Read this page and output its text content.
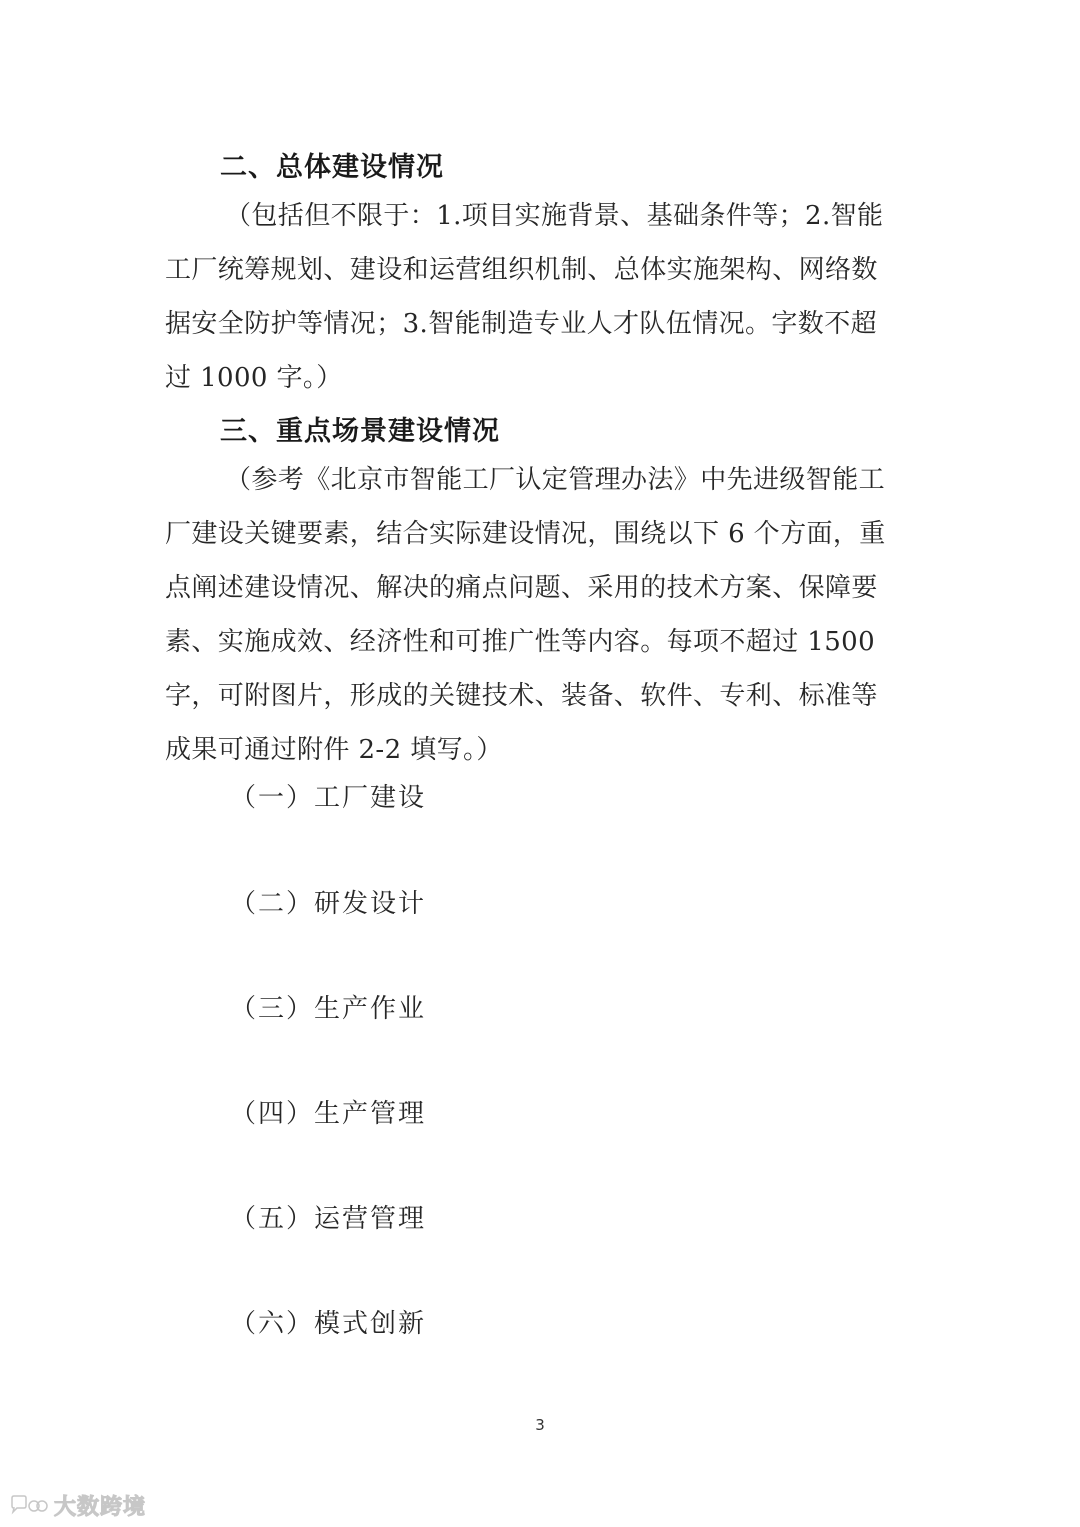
二、总体建设情况
（包括但不限于：1.项目实施背景、基础条件等；2.智能
工厂统筹规划、建设和运营组织机制、总体实施架构、网络数
据安全防护等情况；3.智能制造专业人才队伍情况。字数不超
过 1000 字。）
三、重点场景建设情况
（参考《北京市智能工厂认定管理办法》中先进级智能工
厂建设关键要素，结合实际建设情况，围绕以下 6 个方面，重
点阐述建设情况、解决的痛点问题、采用的技术方案、保障要
素、实施成效、经济性和可推广性等内容。每项不超过 1500
字，可附图片，形成的关键技术、装备、软件、专利、标准等
成果可通过附件 2-2 填写。）
（一）工厂建设
（二）研发设计
（三）生产作业
（四）生产管理
（五）运营管理
（六）模式创新
3
大数跨境
